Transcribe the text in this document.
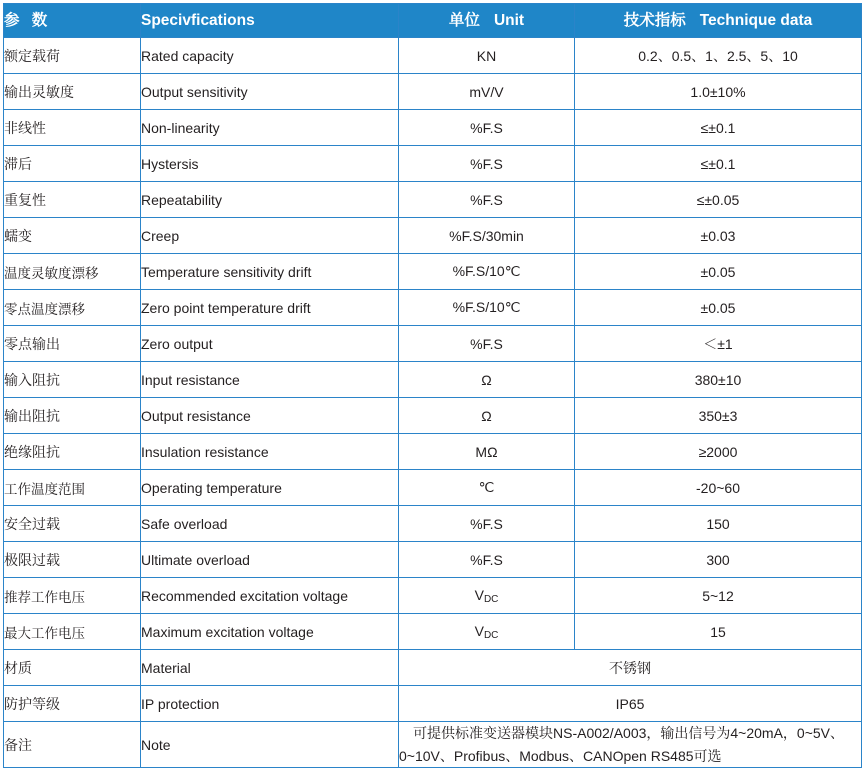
参 数	Specivfications	单位 Unit	技术指标 Technique data
额定载荷	Rated capacity	KN	0.2、0.5、1、2.5、5、10
输出灵敏度	Output sensitivity	mV/V	1.0±10%
非线性	Non-linearity	%F.S	≤±0.1
滞后	Hystersis	%F.S	≤±0.1
重复性	Repeatability	%F.S	≤±0.05
蠕变	Creep	%F.S/30min	±0.03
温度灵敏度漂移	Temperature sensitivity drift	%F.S/10℃	±0.05
零点温度漂移	Zero point temperature drift	%F.S/10℃	±0.05
零点输出	Zero output	%F.S	＜±1
输入阻抗	Input resistance	Ω	380±10
输出阻抗	Output resistance	Ω	350±3
绝缘阻抗	Insulation resistance	MΩ	≥2000
工作温度范围	Operating temperature	℃	-20~60
安全过载	Safe overload	%F.S	150
极限过载	Ultimate overload	%F.S	300
推荐工作电压	Recommended excitation voltage	VDC	5~12
最大工作电压	Maximum excitation voltage	VDC	15
材质	Material	不锈钢	
防护等级	IP protection	IP65	
备注	Note	可提供标准变送器模块NS-A002/A003，输出信号为4~20mA，0~5V、
0~10V、Profibus、Modbus、CANOpen RS485可选	
